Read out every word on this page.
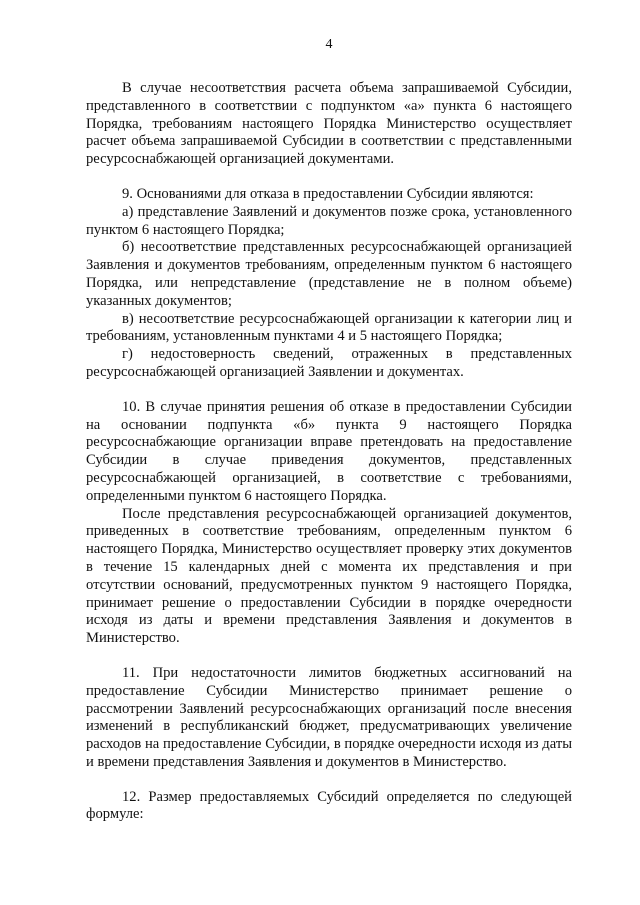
4

В случае несоответствия расчета объема запрашиваемой Субсидии, представленного в соответствии с подпунктом «а» пункта 6 настоящего Порядка, требованиям настоящего Порядка Министерство осуществляет расчет объема запрашиваемой Субсидии в соответствии с представленными ресурсоснабжающей организацией документами.

9. Основаниями для отказа в предоставлении Субсидии являются:

а) представление Заявлений и документов позже срока, установленного пунктом 6 настоящего Порядка;

б) несоответствие представленных ресурсоснабжающей организацией Заявления и документов требованиям, определенным пунктом 6 настоящего Порядка, или непредставление (представление не в полном объеме) указанных документов;

в) несоответствие ресурсоснабжающей организации к категории лиц и требованиям, установленным пунктами 4 и 5 настоящего Порядка;

г) недостоверность сведений, отраженных в представленных ресурсоснабжающей организацией Заявлении и документах.

10. В случае принятия решения об отказе в предоставлении Субсидии на основании подпункта «б» пункта 9 настоящего Порядка ресурсоснабжающие организации вправе претендовать на предоставление Субсидии в случае приведения документов, представленных ресурсоснабжающей организацией, в соответствие с требованиями, определенными пунктом 6 настоящего Порядка.

После представления ресурсоснабжающей организацией документов, приведенных в соответствие требованиям, определенным пунктом 6 настоящего Порядка, Министерство осуществляет проверку этих документов в течение 15 календарных дней с момента их представления и при отсутствии оснований, предусмотренных пунктом 9 настоящего Порядка, принимает решение о предоставлении Субсидии в порядке очередности исходя из даты и времени представления Заявления и документов в Министерство.

11. При недостаточности лимитов бюджетных ассигнований на предоставление Субсидии Министерство принимает решение о рассмотрении Заявлений ресурсоснабжающих организаций после внесения изменений в республиканский бюджет, предусматривающих увеличение расходов на предоставление Субсидии, в порядке очередности исходя из даты и времени представления Заявления и документов в Министерство.

12. Размер предоставляемых Субсидий определяется по следующей формуле:
